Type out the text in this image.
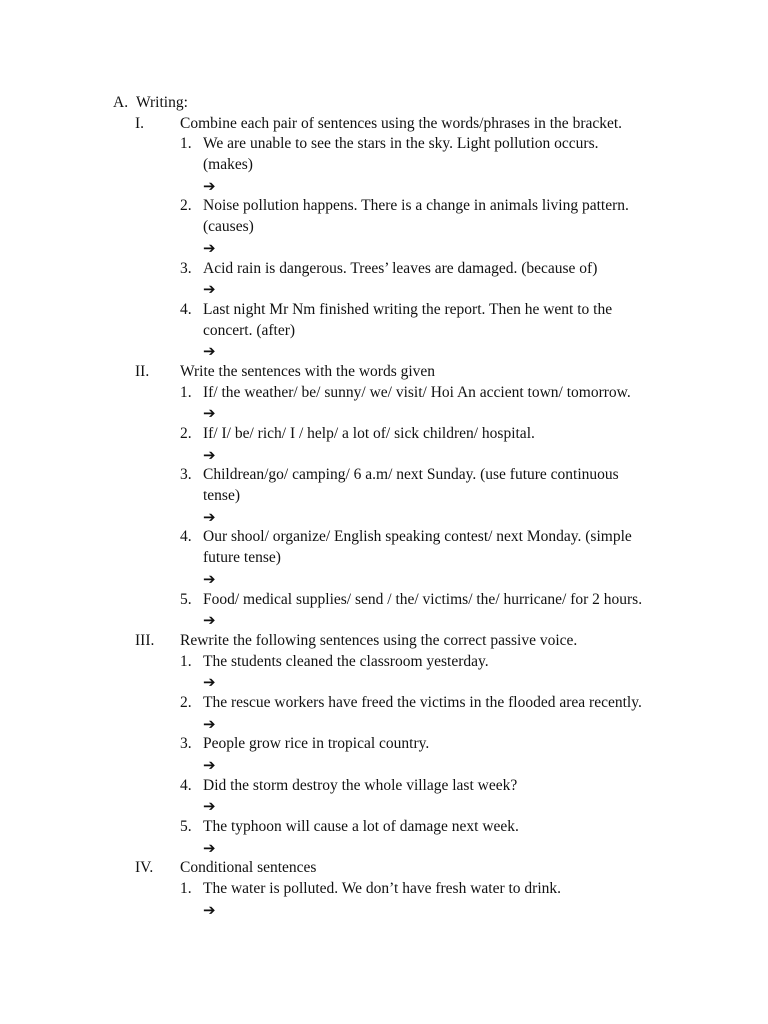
A. Writing:
I. Combine each pair of sentences using the words/phrases in the bracket.
1. We are unable to see the stars in the sky. Light pollution occurs.
(makes)
➔
2. Noise pollution happens. There is a change in animals living pattern.
(causes)
➔
3. Acid rain is dangerous. Trees’ leaves are damaged. (because of)
➔
4. Last night Mr Nm finished writing the report. Then he went to the
concert. (after)
➔
II. Write the sentences with the words given
1. If/ the weather/ be/ sunny/ we/ visit/ Hoi An accient town/ tomorrow.
➔
2. If/ I/ be/ rich/ I / help/ a lot of/ sick children/ hospital.
➔
3. Childrean/go/ camping/ 6 a.m/ next Sunday. (use future continuous
tense)
➔
4. Our shool/ organize/ English speaking contest/ next Monday. (simple
future tense)
➔
5. Food/ medical supplies/ send / the/ victims/ the/ hurricane/ for 2 hours.
➔
III. Rewrite the following sentences using the correct passive voice.
1. The students cleaned the classroom yesterday.
➔
2. The rescue workers have freed the victims in the flooded area recently.
➔
3. People grow rice in tropical country.
➔
4. Did the storm destroy the whole village last week?
➔
5. The typhoon will cause a lot of damage next week.
➔
IV. Conditional sentences
1. The water is polluted. We don’t have fresh water to drink.
➔
